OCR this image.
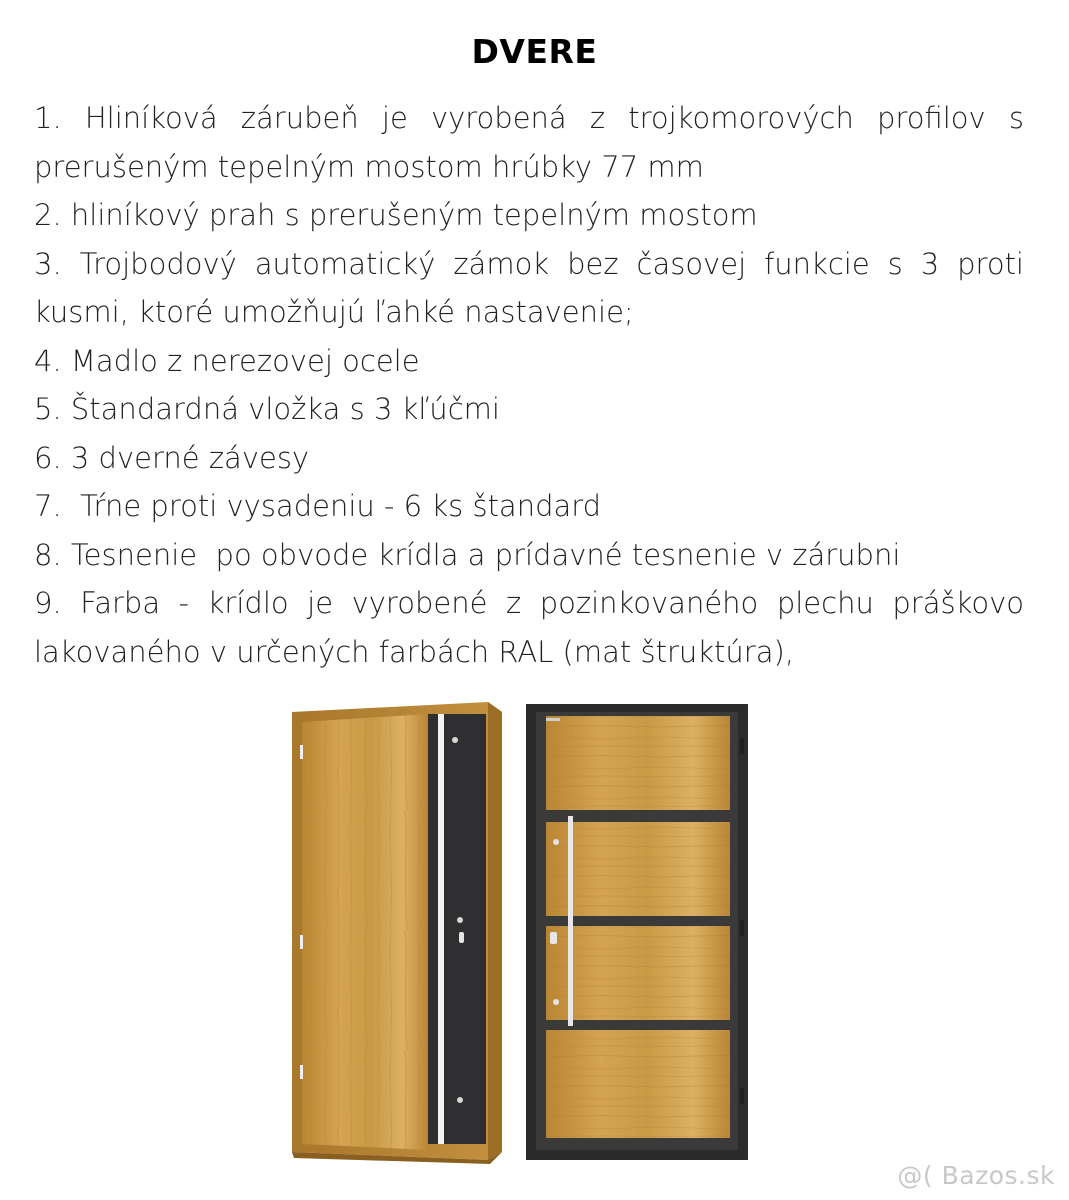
DVERE

1. Hliníková zárubeň je vyrobená z trojkomorových profilov s prerušeným tepelným mostom hrúbky 77 mm

2. hliníkový prah s prerušeným tepelným mostom

3. Trojbodový automatický zámok bez časovej funkcie s 3 proti kusmi, ktoré umožňujú ľahké nastavenie;

4. Madlo z nerezovej ocele

5. Štandardná vložka s 3 kľúčmi

6. 3 dverné závesy

7.  Tŕne proti vysadeniu - 6 ks štandard

8. Tesnenie  po obvode krídla a prídavné tesnenie v zárubni

9. Farba - krídlo je vyrobené z pozinkovaného plechu práškovo lakovaného v určených farbách RAL (mat štruktúra),

@( Bazos.sk
